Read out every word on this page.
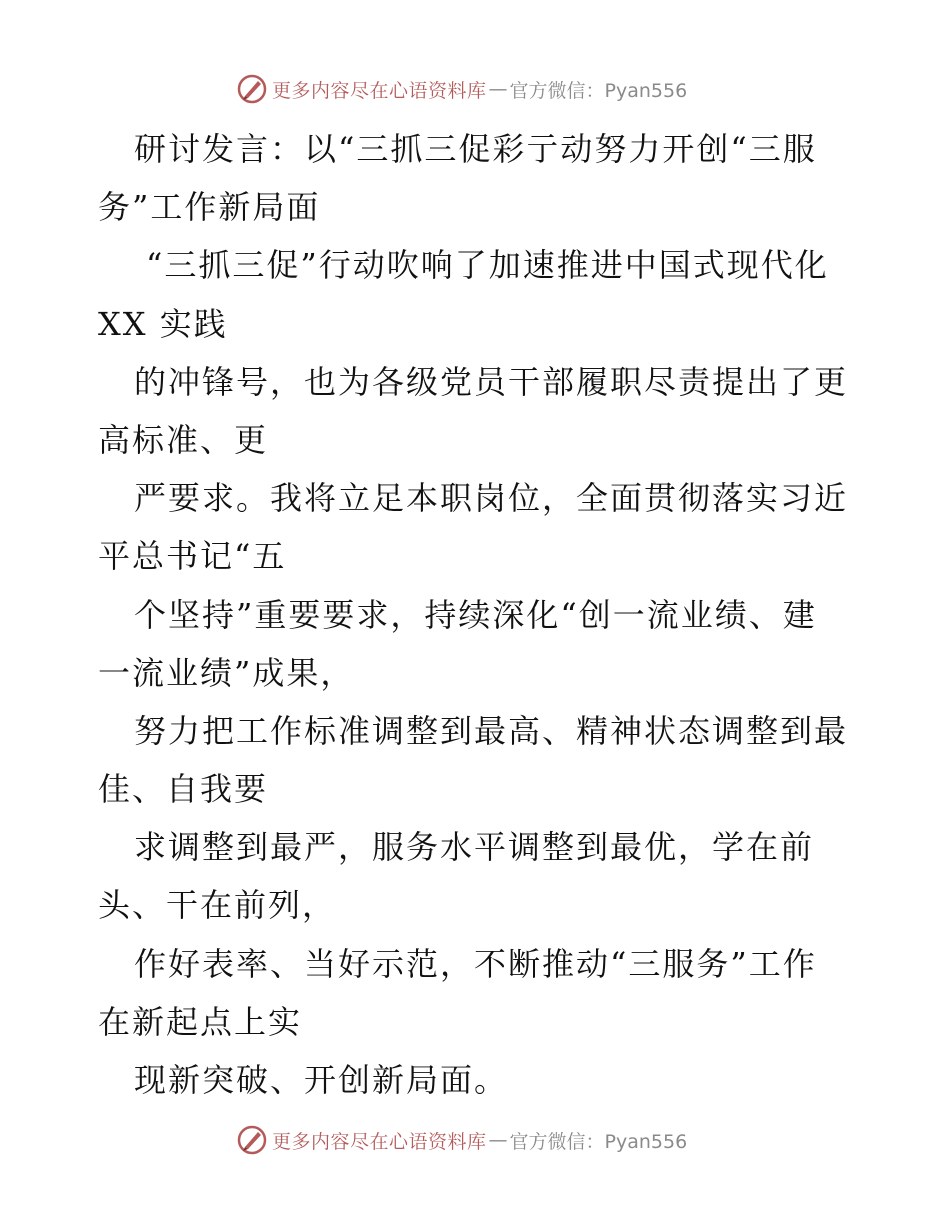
更多内容尽在心语资料库 — 官方微信：Pyan556
研讨发言：以“三抓三促彩亍动努力开创“三服
务”工作新局面
“三抓三促”行动吹响了加速推进中国式现代化
XX 实践
的冲锋号，也为各级党员干部履职尽责提出了更
高标准、更
严要求。我将立足本职岗位，全面贯彻落实习近
平总书记“五
个坚持”重要要求，持续深化“创一流业绩、建
一流业绩”成果，
努力把工作标准调整到最高、精神状态调整到最
佳、自我要
求调整到最严，服务水平调整到最优，学在前
头、干在前列，
作好表率、当好示范，不断推动“三服务”工作
在新起点上实
现新突破、开创新局面。
更多内容尽在心语资料库 — 官方微信：Pyan556
